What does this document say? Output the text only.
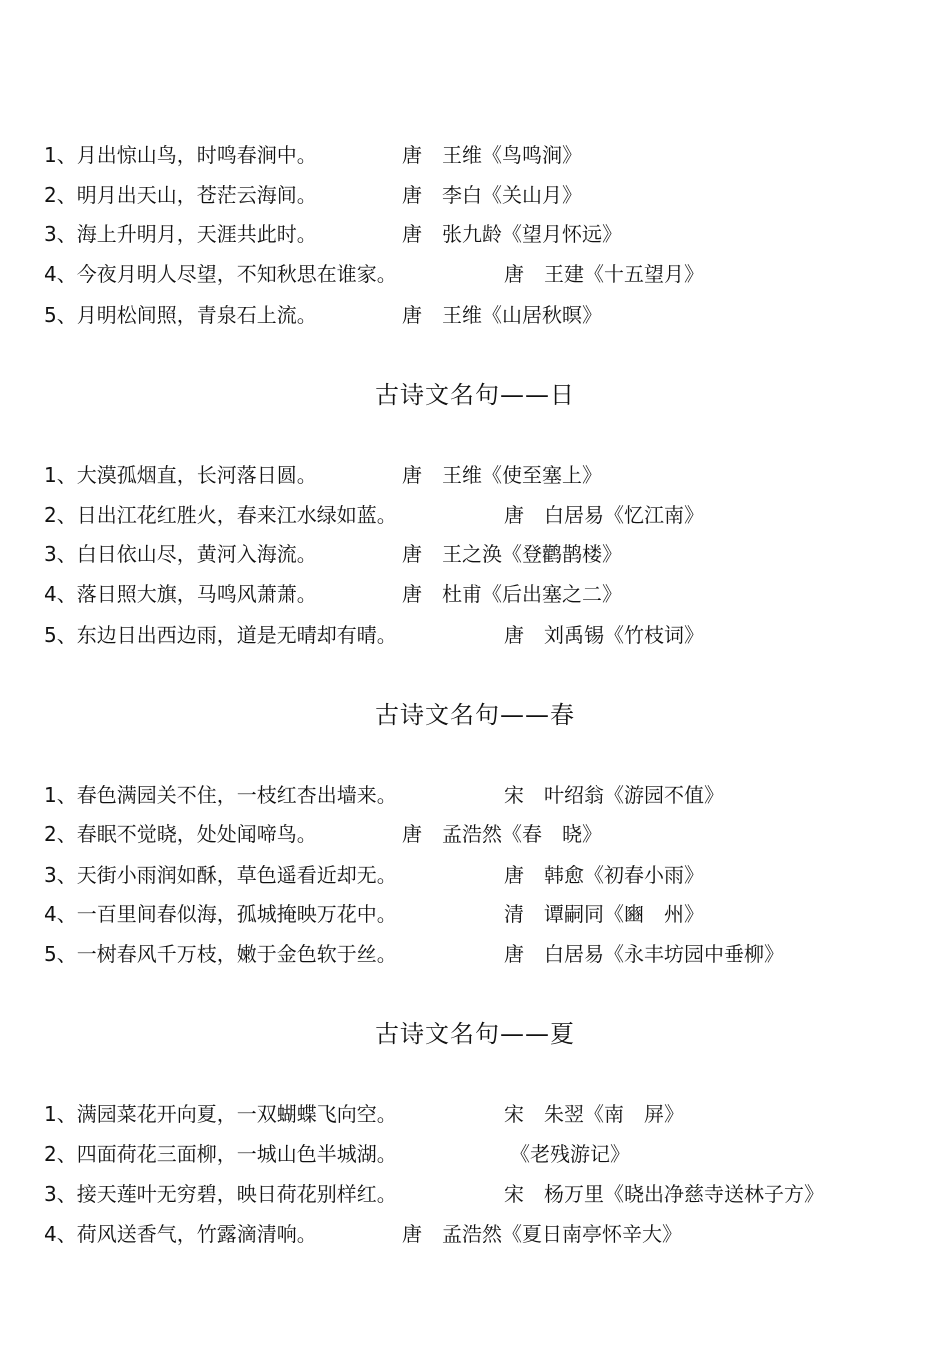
1、月出惊山鸟，时鸣春涧中。	唐　王维《鸟鸣涧》
2、明月出天山，苍茫云海间。	唐　李白《关山月》
3、海上升明月，天涯共此时。	唐　张九龄《望月怀远》
4、今夜月明人尽望，不知秋思在谁家。	唐　王建《十五望月》
5、月明松间照，青泉石上流。	唐　王维《山居秋暝》
古诗文名句——日
1、大漠孤烟直，长河落日圆。	唐　王维《使至塞上》
2、日出江花红胜火，春来江水绿如蓝。	唐　白居易《忆江南》
3、白日依山尽，黄河入海流。	唐　王之涣《登鹳鹊楼》
4、落日照大旗，马鸣风萧萧。	唐　杜甫《后出塞之二》
5、东边日出西边雨，道是无晴却有晴。	唐　刘禹锡《竹枝词》
古诗文名句——春
1、春色满园关不住，一枝红杏出墙来。	宋　叶绍翁《游园不值》
2、春眠不觉晓，处处闻啼鸟。	唐　孟浩然《春　晓》
3、天街小雨润如酥，草色遥看近却无。	唐　韩愈《初春小雨》
4、一百里间春似海，孤城掩映万花中。	清　谭嗣同《豳　州》
5、一树春风千万枝，嫩于金色软于丝。	唐　白居易《永丰坊园中垂柳》
古诗文名句——夏
1、满园菜花开向夏，一双蝴蝶飞向空。	宋　朱翌《南　屏》
2、四面荷花三面柳，一城山色半城湖。	《老残游记》
3、接天莲叶无穷碧，映日荷花别样红。	宋　杨万里《晓出净慈寺送林子方》
4、荷风送香气，竹露滴清响。	唐　孟浩然《夏日南亭怀辛大》
